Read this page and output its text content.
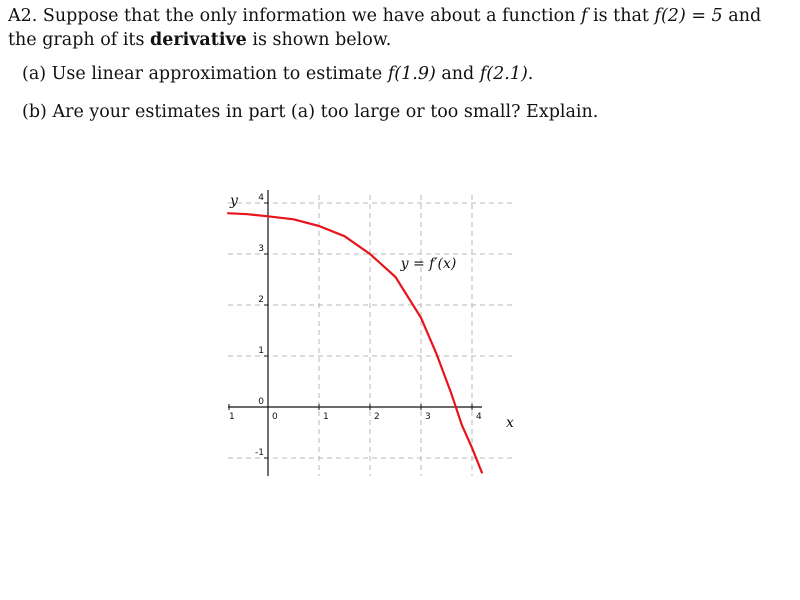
A2. Suppose that the only information we have about a function f is that f(2) = 5 and

the graph of its derivative is shown below.

(a) Use linear approximation to estimate f(1.9) and f(2.1).

(b) Are your estimates in part (a) too large or too small? Explain.

1	0	1	2	3	4
4
3
2
1
0
-1
y
x
y = f′(x)
